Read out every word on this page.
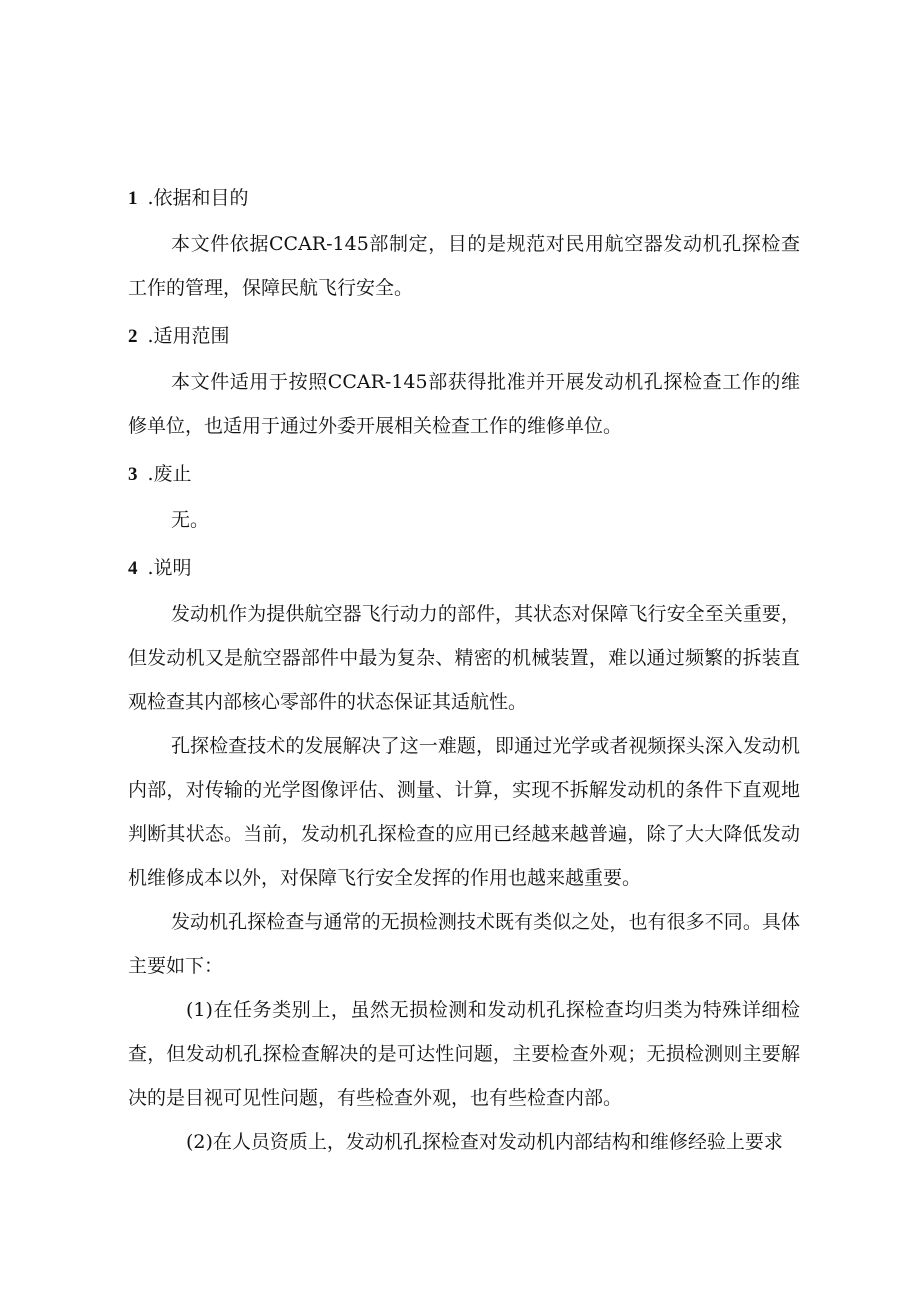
1 .依据和目的

本文件依据CCAR-145部制定，目的是规范对民用航空器发动机孔探检查工作的管理，保障民航飞行安全。

2 .适用范围

本文件适用于按照CCAR-145部获得批准并开展发动机孔探检查工作的维修单位，也适用于通过外委开展相关检查工作的维修单位。

3 .废止

无。

4 .说明

发动机作为提供航空器飞行动力的部件，其状态对保障飞行安全至关重要，但发动机又是航空器部件中最为复杂、精密的机械装置，难以通过频繁的拆装直观检查其内部核心零部件的状态保证其适航性。

孔探检查技术的发展解决了这一难题，即通过光学或者视频探头深入发动机内部，对传输的光学图像评估、测量、计算，实现不拆解发动机的条件下直观地判断其状态。当前，发动机孔探检查的应用已经越来越普遍，除了大大降低发动机维修成本以外，对保障飞行安全发挥的作用也越来越重要。

发动机孔探检查与通常的无损检测技术既有类似之处，也有很多不同。具体主要如下：

(1)在任务类别上，虽然无损检测和发动机孔探检查均归类为特殊详细检查，但发动机孔探检查解决的是可达性问题，主要检查外观；无损检测则主要解决的是目视可见性问题，有些检查外观，也有些检查内部。

(2)在人员资质上，发动机孔探检查对发动机内部结构和维修经验上要求
